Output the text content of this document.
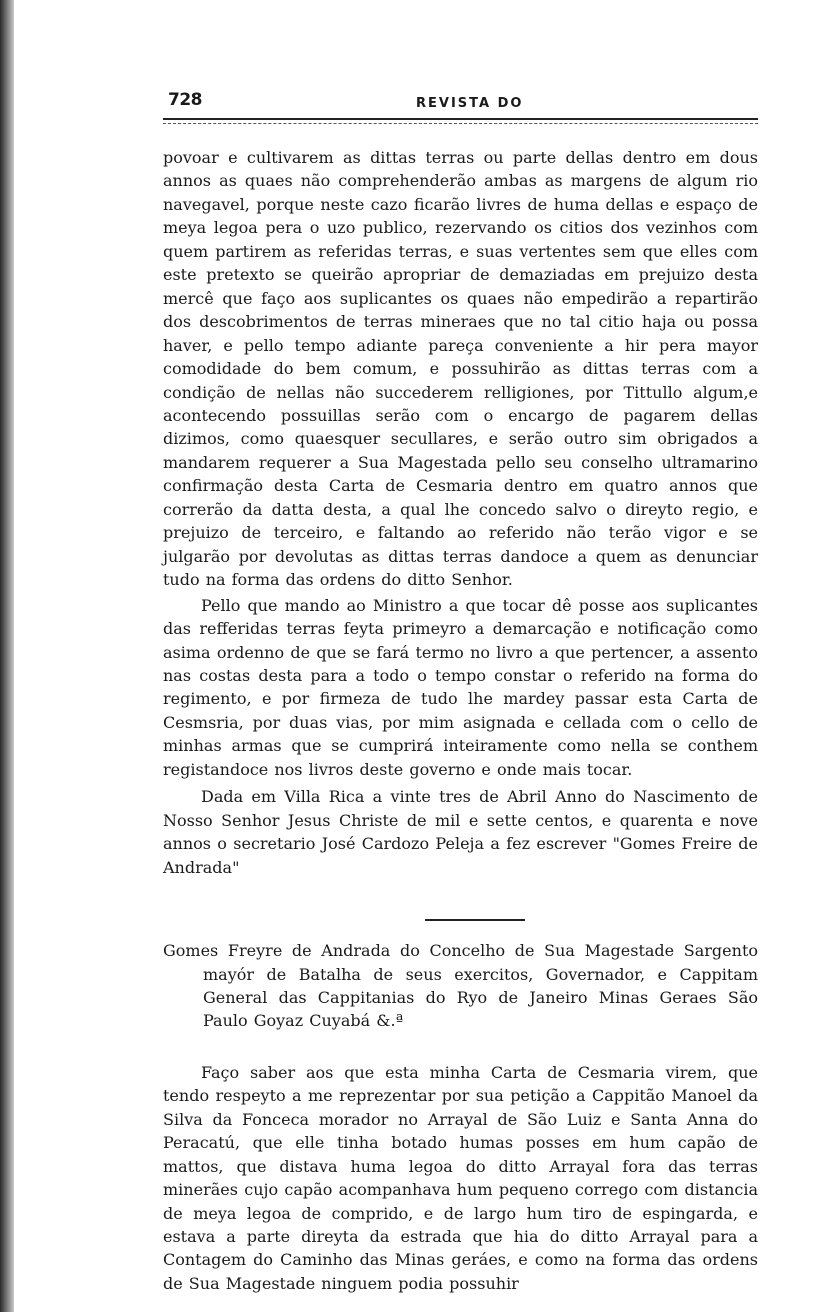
728	REVISTA DO

povoar e cultivarem as dittas terras ou parte dellas dentro em dous annos as quaes não comprehenderão ambas as margens de algum rio navegavel, porque neste cazo ficarão livres de huma dellas e espaço de meya legoa pera o uzo publico, rezervando os citios dos vezinhos com quem partirem as referidas terras, e suas vertentes sem que elles com este pretexto se queirão apropriar de demaziadas em prejuizo desta mercê que faço aos suplicantes os quaes não empedirão a repartirão dos descobrimentos de terras mineraes que no tal citio haja ou possa haver, e pello tempo adiante pareça conveniente a hir pera mayor comodidade do bem comum, e possuhirão as dittas terras com a condição de nellas não succederem relligiones, por Tittullo algum,e acontecendo possuillas serão com o encargo de pagarem dellas dizimos, como quaesquer secullares, e serão outro sim obrigados a mandarem requerer a Sua Magestada pello seu conselho ultramarino confirmação desta Carta de Cesmaria dentro em quatro annos que correrão da datta desta, a qual lhe concedo salvo o direyto regio, e prejuizo de terceiro, e faltando ao referido não terão vigor e se julgarão por devolutas as dittas terras dandoce a quem as denunciar tudo na forma das ordens do ditto Senhor.

Pello que mando ao Ministro a que tocar dê posse aos suplicantes das refferidas terras feyta primeyro a demarcação e notificação como asima ordenno de que se fará termo no livro a que pertencer, a assento nas costas desta para a todo o tempo constar o referido na forma do regimento, e por firmeza de tudo lhe mardey passar esta Carta de Cesmsria, por duas vias, por mim asignada e cellada com o cello de minhas armas que se cumprirá inteiramente como nella se conthem registandoce nos livros deste governo e onde mais tocar.

Dada em Villa Rica a vinte tres de Abril Anno do Nascimento de Nosso Senhor Jesus Christe de mil e sette centos, e quarenta e nove annos o secretario José Cardozo Peleja a fez escrever "Gomes Freire de Andrada"

Gomes Freyre de Andrada do Concelho de Sua Magestade Sargento mayór de Batalha de seus exercitos, Governador, e Cappitam General das Cappitanias do Ryo de Janeiro Minas Geraes São Paulo Goyaz Cuyabá &.ª

Faço saber aos que esta minha Carta de Cesmaria virem, que tendo respeyto a me reprezentar por sua petição a Cappitão Manoel da Silva da Fonceca morador no Arrayal de São Luiz e Santa Anna do Peracatú, que elle tinha botado humas posses em hum capão de mattos, que distava huma legoa do ditto Arrayal fora das terras minerães cujo capão acompanhava hum pequeno corrego com distancia de meya legoa de comprido, e de largo hum tiro de espingarda, e estava a parte direyta da estrada que hia do ditto Arrayal para a Contagem do Caminho das Minas geráes, e como na forma das ordens de Sua Magestade ninguem podia possuhir
